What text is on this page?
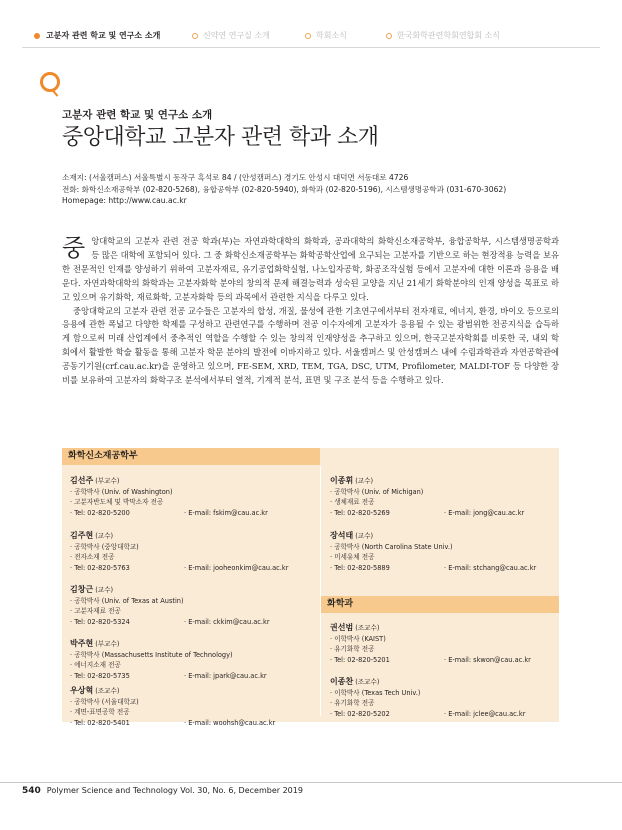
고분자 관련 학교 및 연구소 소개	신약연 연구실 소개	학회소식	한국화학관련학회연합회 소식
고분자 관련 학교 및 연구소 소개
중앙대학교 고분자 관련 학과 소개
소재지: (서울캠퍼스) 서울특별시 동작구 흑석로 84 / (안성캠퍼스) 경기도 안성시 대덕면 서동대로 4726
전화: 화학신소재공학부 (02-820-5268), 융합공학부 (02-820-5940), 화학과 (02-820-5196), 시스템생명공학과 (031-670-3062)
Homepage: http://www.cau.ac.kr

중앙대학교의 고분자 관련 전공 학과(부)는 자연과학대학의 화학과, 공과대학의 화학신소재공학부, 융합공학부, 시스템생명공학과 등 많은 대학에 포함되어 있다. 그 중 화학신소재공학부는 화학공학산업에 요구되는 고분자를 기반으로 하는 현장적용 능력을 보유한 전문적인 인재를 양성하기 위하여 고분자재료, 유기공업화학실험, 나노입자공학, 화공조작실험 등에서 고분자에 대한 이론과 응용을 배운다. 자연과학대학의 화학과는 고분자화학 분야의 창의적 문제 해결능력과 성숙된 교양을 지닌 21세기 화학분야의 인재 양성을 목표로 하고 있으며 유기화학, 재료화학, 고분자화학 등의 과목에서 관련한 지식을 다루고 있다.

중앙대학교의 고분자 관련 전공 교수들은 고분자의 합성, 개질, 물성에 관한 기초연구에서부터 전자재료, 에너지, 환경, 바이오 등으로의 응용에 관한 폭넓고 다양한 학제를 구성하고 관련연구를 수행하며 전공 이수자에게 고분자가 응용될 수 있는 광범위한 전공지식을 습득하게 함으로써 미래 산업계에서 중추적인 역할을 수행할 수 있는 창의적 인재양성을 추구하고 있으며, 한국고분자학회를 비롯한 국, 내외 학회에서 활발한 학술 활동을 통해 고분자 학문 분야의 발전에 이바지하고 있다. 서울캠퍼스 및 안성캠퍼스 내에 수림과학관과 자연공학관에 공동기기원(crf.cau.ac.kr)을 운영하고 있으며, FE-SEM, XRD, TEM, TGA, DSC, UTM, Profilometer, MALDI-TOF 등 다양한 장비를 보유하여 고분자의 화학구조 분석에서부터 열적, 기계적 분석, 표면 및 구조 분석 등을 수행하고 있다.

화학신소재공학부
화학과
김선주 (부교수)
· 공학박사 (Univ. of Washington)
· 고분자반도체 및 박막소자 전공
· Tel: 02-820-5200	· E-mail: fskim@cau.ac.kr
김주현 (교수)
· 공학박사 (중앙대학교)
· 전자소재 전공
· Tel: 02-820-5763	· E-mail: jooheonkim@cau.ac.kr
김창근 (교수)
· 공학박사 (Univ. of Texas at Austin)
· 고분자재료 전공
· Tel: 02-820-5324	· E-mail: ckkim@cau.ac.kr
박주현 (부교수)
· 공학박사 (Massachusetts Institute of Technology)
· 에너지소재 전공
· Tel: 02-820-5735	· E-mail: jpark@cau.ac.kr
우상혁 (조교수)
· 공학박사 (서울대학교)
· 계면-표면공학 전공
· Tel: 02-820-5401	· E-mail: woohsh@cau.ac.kr
이종휘 (교수)
· 공학박사 (Univ. of Michigan)
· 생체재료 전공
· Tel: 02-820-5269	· E-mail: jong@cau.ac.kr
장석태 (교수)
· 공학박사 (North Carolina State Univ.)
· 미세유체 전공
· Tel: 02-820-5889	· E-mail: stchang@cau.ac.kr
권선범 (조교수)
· 이학박사 (KAIST)
· 유기화학 전공
· Tel: 02-820-5201	· E-mail: skwon@cau.ac.kr
이종찬 (조교수)
· 이학박사 (Texas Tech Univ.)
· 유기화학 전공
· Tel: 02-820-5202	· E-mail: jclee@cau.ac.kr
540 Polymer Science and Technology Vol. 30, No. 6, December 2019
